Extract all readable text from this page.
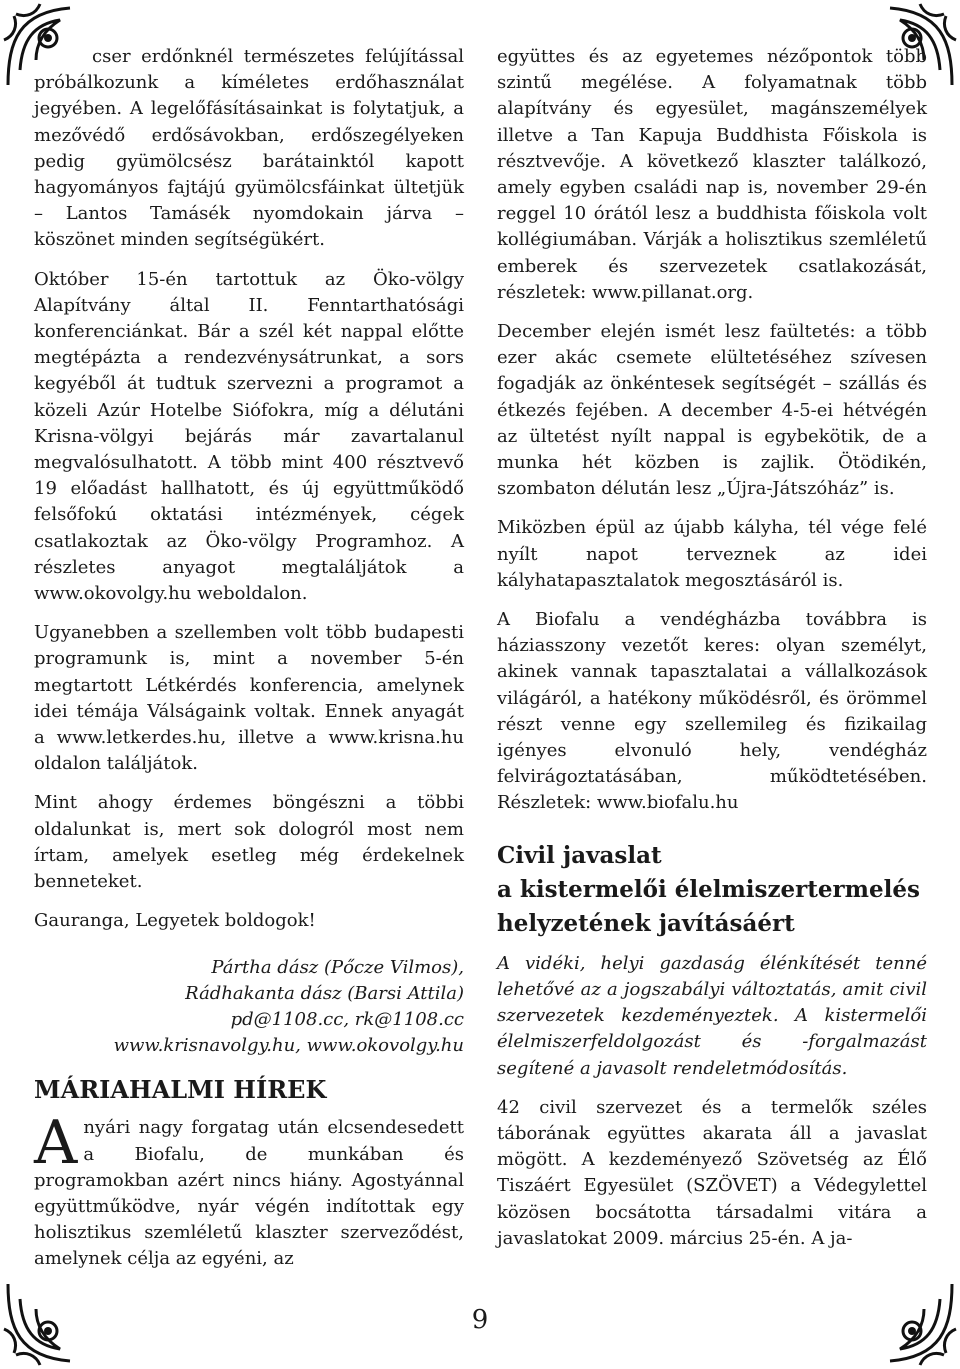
cser erdőnknél természetes felújítással próbálkozunk a kíméletes erdőhasználat jegyében. A legelőfásításainkat is folytatjuk, a mezővédő erdősávokban, erdőszegélyeken pedig gyümölcsész barátainktól kapott hagyományos fajtájú gyümölcsfáinkat ültetjük – Lantos Tamásék nyomdokain járva – köszönet minden segítségükért.

Október 15-én tartottuk az Öko-völgy Alapítvány által II. Fenntarthatósági konferenciánkat. Bár a szél két nappal előtte megtépázta a rendezvénysátrunkat, a sors kegyéből át tudtuk szervezni a programot a közeli Azúr Hotelbe Siófokra, míg a délutáni Krisna-völgyi bejárás már zavartalanul megvalósulhatott. A több mint 400 résztvevő 19 előadást hallhatott, és új együttműködő felsőfokú oktatási intézmények, cégek csatlakoztak az Öko-völgy Programhoz. A részletes anyagot megtaláljátok a www.okovolgy.hu weboldalon.

Ugyanebben a szellemben volt több budapesti programunk is, mint a november 5-én megtartott Létkérdés konferencia, amelynek idei témája Válságaink voltak. Ennek anyagát a www.letkerdes.hu, illetve a www.krisna.hu oldalon találjátok.

Mint ahogy érdemes böngészni a többi oldalunkat is, mert sok dologról most nem írtam, amelyek esetleg még érdekelnek benneteket.

Gauranga, Legyetek boldogok!

Pártha dász (Pőcze Vilmos),
Rádhakanta dász (Barsi Attila)
pd@1108.cc, rk@1108.cc
www.krisnavolgy.hu, www.okovolgy.hu
MÁRIAHALMI HÍREK

Anyári nagy forgatag után elcsendesedett a Biofalu, de munkában és programokban azért nincs hiány. Agostyánnal együttműködve, nyár végén indítottak egy holisztikus szemléletű klaszter szerveződést, amelynek célja az egyéni, az

együttes és az egyetemes nézőpontok több szintű megélése. A folyamatnak több alapítvány és egyesület, magánszemélyek illetve a Tan Kapuja Buddhista Főiskola is résztvevője. A következő klaszter találkozó, amely egyben családi nap is, november 29-én reggel 10 órától lesz a buddhista főiskola volt kollégiumában. Várják a holisztikus szemléletű emberek és szervezetek csatlakozását, részletek: www.pillanat.org.

December elején ismét lesz faültetés: a több ezer akác csemete elültetéséhez szívesen fogadják az önkéntesek segítségét – szállás és étkezés fejében. A december 4-5-ei hétvégén az ültetést nyílt nappal is egybekötik, de a munka hét közben is zajlik. Ötödikén, szombaton délután lesz „Újra-Játszóház” is.

Miközben épül az újabb kályha, tél vége felé nyílt napot terveznek az idei kályhatapasztalatok megosztásáról is.

A Biofalu a vendégházba továbbra is háziasszony vezetőt keres: olyan személyt, akinek vannak tapasztalatai a vállalkozások világáról, a hatékony működésről, és örömmel részt venne egy szellemileg és fizikailag igényes elvonuló hely, vendégház felvirágoztatásában, működtetésében. Részletek: www.biofalu.hu

Civil javaslat
a kistermelői élelmiszertermelés
helyzetének javításáért

A vidéki, helyi gazdaság élénkítését tenné lehetővé az a jogszabályi változtatás, amit civil szervezetek kezdeményeztek. A kistermelői élelmiszerfeldolgozást és -forgalmazást segítené a javasolt rendeletmódosítás.

42 civil szervezet és a termelők széles táborának együttes akarata áll a javaslat mögött. A kezdeményező Szövetség az Élő Tiszáért Egyesület (SZÖVET) a Védegylettel közösen bocsátotta társadalmi vitára a javaslatokat 2009. március 25-én. A ja-

9
